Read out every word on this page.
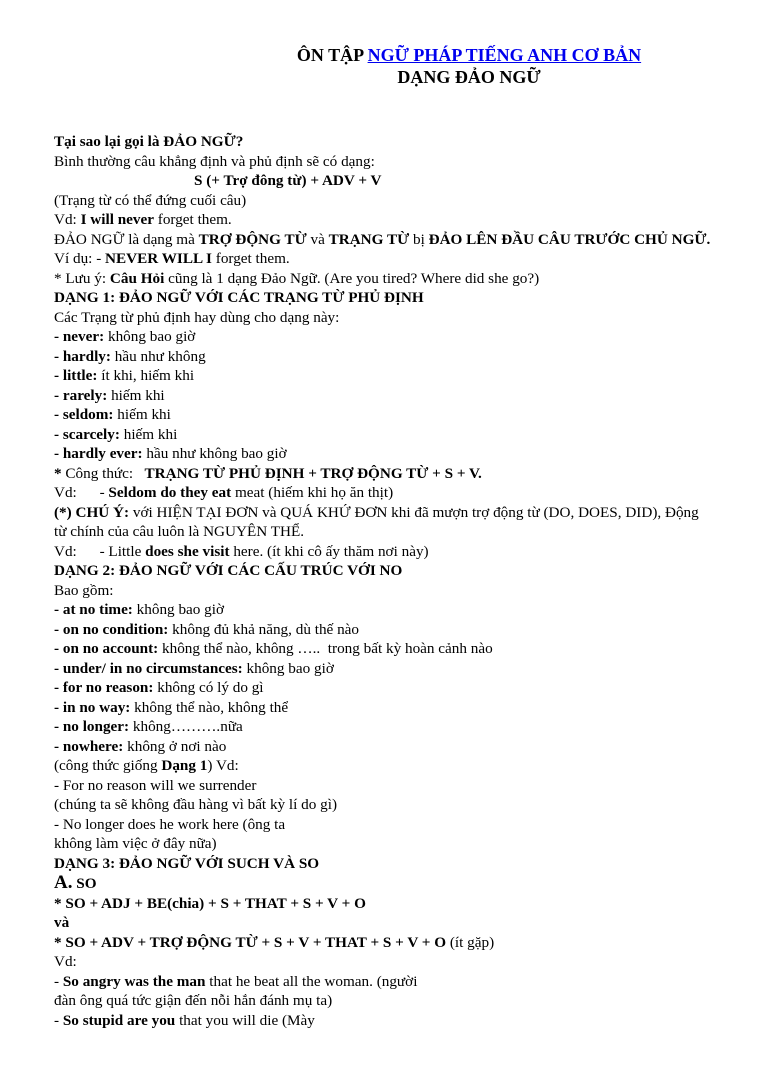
ÔN TẬP NGỮ PHÁP TIẾNG ANH CƠ BẢN
DẠNG ĐẢO NGỮ
Tại sao lại gọi là ĐẢO NGỮ?
Bình thường câu khẳng định và phủ định sẽ có dạng:
S (+ Trợ đông từ) + ADV + V
(Trạng từ có thể đứng cuối câu)
Vd: I will never forget them.
ĐẢO NGỮ là dạng mà TRỢ ĐỘNG TỪ và TRẠNG TỪ bị ĐẢO LÊN ĐẦU CÂU TRƯỚC CHỦ NGỮ.
Ví dụ: - NEVER WILL I forget them.
* Lưu ý: Câu Hỏi cũng là 1 dạng Đảo Ngữ. (Are you tired? Where did she go?)
DẠNG 1: ĐẢO NGỮ VỚI CÁC TRẠNG TỪ PHỦ ĐỊNH
Các Trạng từ phủ định hay dùng cho dạng này:
- never: không bao giờ
- hardly: hầu như không
- little: ít khi, hiếm khi
- rarely: hiếm khi
- seldom: hiếm khi
- scarcely: hiếm khi
- hardly ever: hầu như không bao giờ
* Công thức:   TRẠNG TỪ PHỦ ĐỊNH + TRỢ ĐỘNG TỪ + S + V.
Vd:      - Seldom do they eat meat (hiếm khi họ ăn thịt)
(*) CHÚ Ý: với HIỆN TẠI ĐƠN và QUÁ KHỨ ĐƠN khi đã mượn trợ động từ (DO, DOES, DID), Động từ chính của câu luôn là NGUYÊN THỂ.
Vd:      - Little does she visit here. (ít khi cô ấy thăm nơi này)
DẠNG 2: ĐẢO NGỮ VỚI CÁC CẤU TRÚC VỚI NO
Bao gồm:
- at no time: không bao giờ
- on no condition: không đủ khả năng, dù thế nào
- on no account: không thể nào, không …..  trong bất kỳ hoàn cảnh nào
- under/ in no circumstances: không bao giờ
- for no reason: không có lý do gì
- in no way: không thể nào, không thể
- no longer: không……….nữa
- nowhere: không ở nơi nào
(công thức giống Dạng 1) Vd:
- For no reason will we surrender
(chúng ta sẽ không đầu hàng vì bất kỳ lí do gì)
- No longer does he work here (ông ta
không làm việc ở đây nữa)
DẠNG 3: ĐẢO NGỮ VỚI SUCH VÀ SO
A. SO
* SO + ADJ + BE(chia) + S + THAT + S + V + O
và
* SO + ADV + TRỢ ĐỘNG TỪ + S + V + THAT + S + V + O (ít gặp)
Vd:
- So angry was the man that he beat all the woman. (người
đàn ông quá tức giận đến nỗi hắn đánh mụ ta)
- So stupid are you that you will die (Mày
